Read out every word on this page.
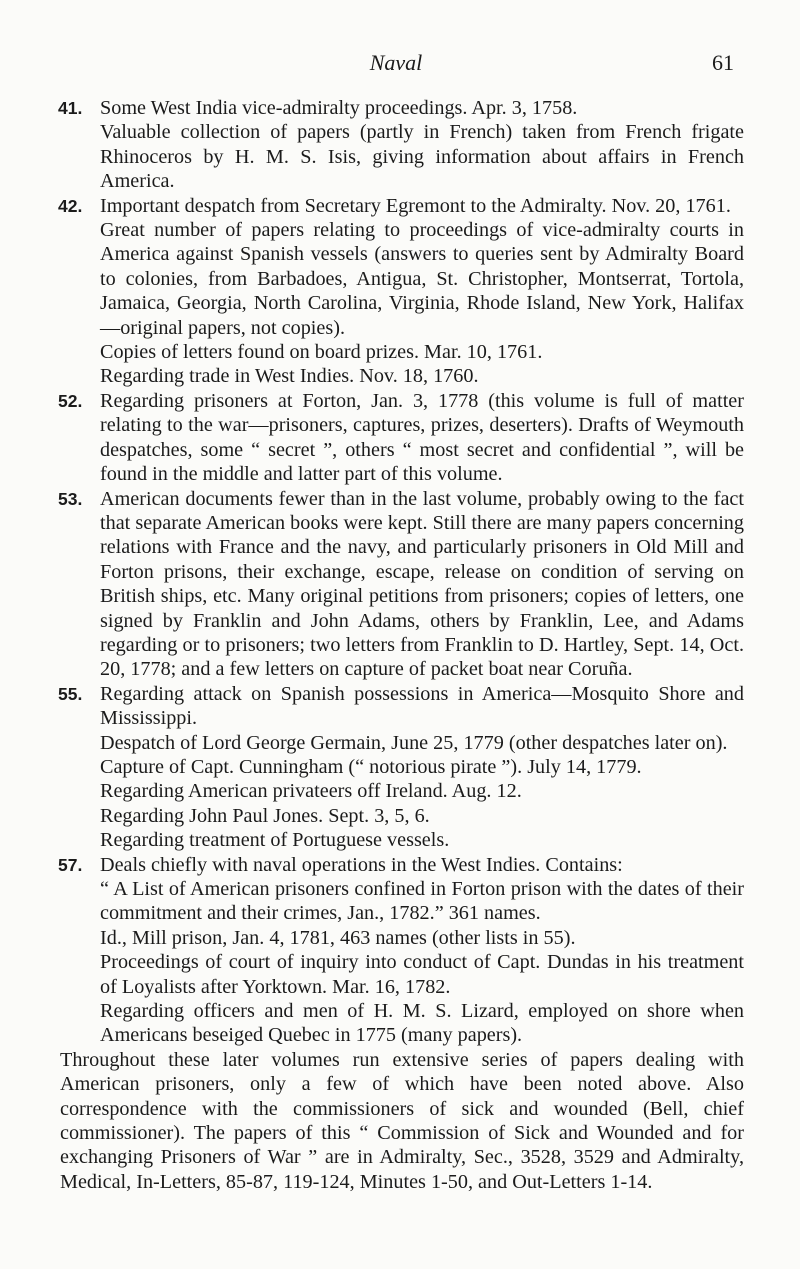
Naval	61
41. Some West India vice-admiralty proceedings. Apr. 3, 1758.

Valuable collection of papers (partly in French) taken from French frigate Rhinoceros by H. M. S. Isis, giving information about affairs in French America.

42. Important despatch from Secretary Egremont to the Admiralty. Nov. 20, 1761.

Great number of papers relating to proceedings of vice-admiralty courts in America against Spanish vessels (answers to queries sent by Admiralty Board to colonies, from Barbadoes, Antigua, St. Christopher, Montserrat, Tortola, Jamaica, Georgia, North Carolina, Virginia, Rhode Island, New York, Halifax—original papers, not copies).

Copies of letters found on board prizes. Mar. 10, 1761.

Regarding trade in West Indies. Nov. 18, 1760.

52. Regarding prisoners at Forton, Jan. 3, 1778 (this volume is full of matter relating to the war—prisoners, captures, prizes, deserters). Drafts of Weymouth despatches, some “ secret ”, others “ most secret and confidential ”, will be found in the middle and latter part of this volume.

53. American documents fewer than in the last volume, probably owing to the fact that separate American books were kept. Still there are many papers concerning relations with France and the navy, and particularly prisoners in Old Mill and Forton prisons, their exchange, escape, release on condition of serving on British ships, etc. Many original petitions from prisoners; copies of letters, one signed by Franklin and John Adams, others by Franklin, Lee, and Adams regarding or to prisoners; two letters from Franklin to D. Hartley, Sept. 14, Oct. 20, 1778; and a few letters on capture of packet boat near Coruña.

55. Regarding attack on Spanish possessions in America—Mosquito Shore and Mississippi.

Despatch of Lord George Germain, June 25, 1779 (other despatches later on).

Capture of Capt. Cunningham (“ notorious pirate ”). July 14, 1779.

Regarding American privateers off Ireland. Aug. 12.

Regarding John Paul Jones. Sept. 3, 5, 6.

Regarding treatment of Portuguese vessels.

57. Deals chiefly with naval operations in the West Indies. Contains:

“ A List of American prisoners confined in Forton prison with the dates of their commitment and their crimes, Jan., 1782.” 361 names.

Id., Mill prison, Jan. 4, 1781, 463 names (other lists in 55).

Proceedings of court of inquiry into conduct of Capt. Dundas in his treatment of Loyalists after Yorktown. Mar. 16, 1782.

Regarding officers and men of H. M. S. Lizard, employed on shore when Americans beseiged Quebec in 1775 (many papers).

Throughout these later volumes run extensive series of papers dealing with American prisoners, only a few of which have been noted above. Also correspondence with the commissioners of sick and wounded (Bell, chief commissioner). The papers of this “ Commission of Sick and Wounded and for exchanging Prisoners of War ” are in Admiralty, Sec., 3528, 3529 and Admiralty, Medical, In-Letters, 85-87, 119-124, Minutes 1-50, and Out-Letters 1-14.
